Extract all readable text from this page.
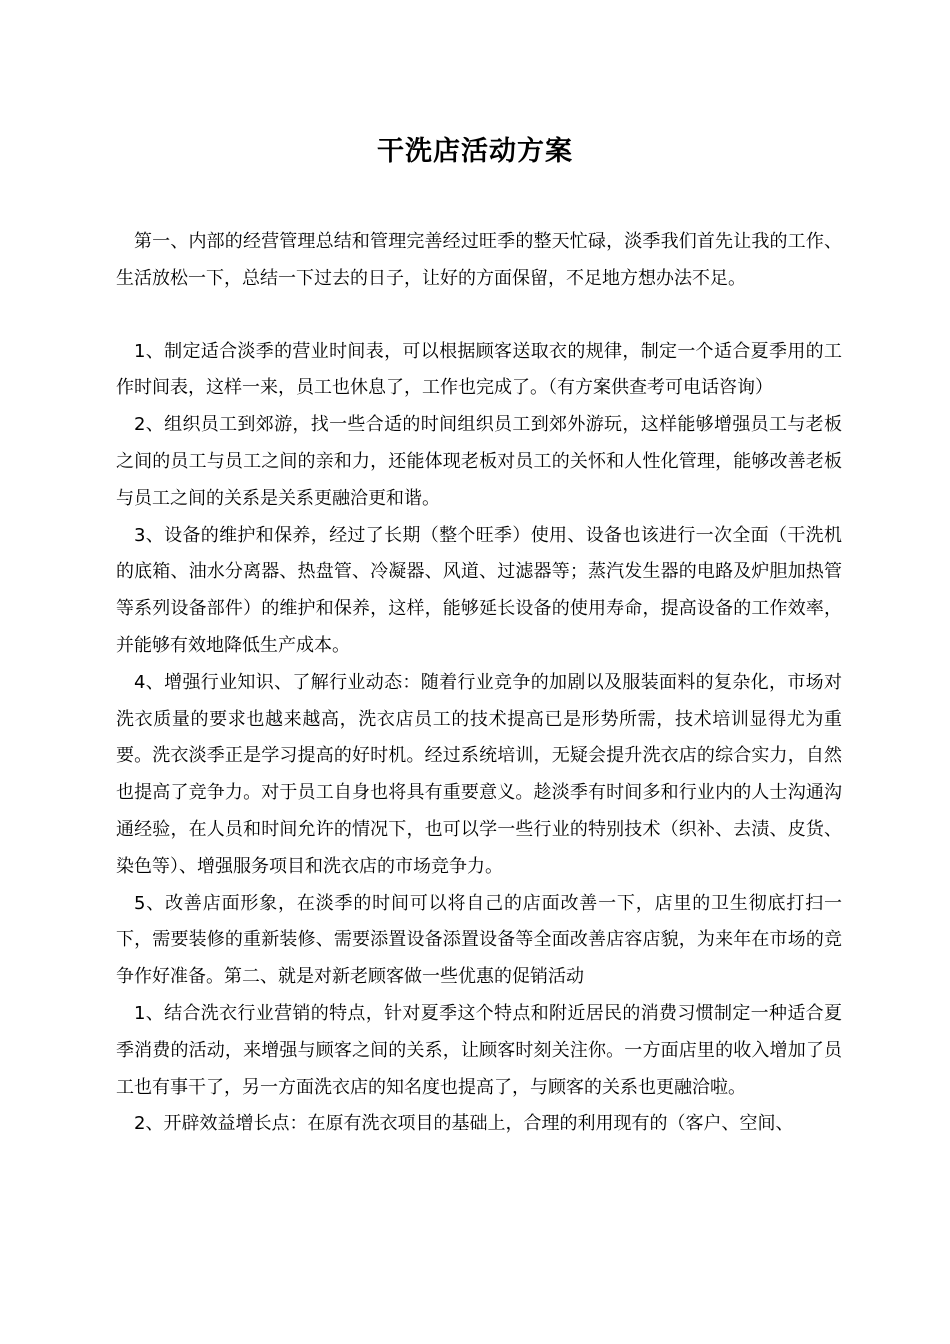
干洗店活动方案

第一、内部的经营管理总结和管理完善经过旺季的整天忙碌，淡季我们首先让我的工作、生活放松一下，总结一下过去的日子，让好的方面保留，不足地方想办法不足。

1、制定适合淡季的营业时间表，可以根据顾客送取衣的规律，制定一个适合夏季用的工作时间表，这样一来，员工也休息了，工作也完成了。（有方案供查考可电话咨询）

2、组织员工到郊游，找一些合适的时间组织员工到郊外游玩，这样能够增强员工与老板之间的员工与员工之间的亲和力，还能体现老板对员工的关怀和人性化管理，能够改善老板与员工之间的关系是关系更融洽更和谐。

3、设备的维护和保养，经过了长期（整个旺季）使用、设备也该进行一次全面（干洗机的底箱、油水分离器、热盘管、冷凝器、风道、过滤器等；蒸汽发生器的电路及炉胆加热管等系列设备部件）的维护和保养，这样，能够延长设备的使用寿命，提高设备的工作效率，并能够有效地降低生产成本。

4、增强行业知识、了解行业动态：随着行业竞争的加剧以及服装面料的复杂化，市场对洗衣质量的要求也越来越高，洗衣店员工的技术提高已是形势所需，技术培训显得尤为重要。洗衣淡季正是学习提高的好时机。经过系统培训，无疑会提升洗衣店的综合实力，自然也提高了竞争力。对于员工自身也将具有重要意义。趁淡季有时间多和行业内的人士沟通沟通经验，在人员和时间允许的情况下，也可以学一些行业的特别技术（织补、去渍、皮货、染色等）、增强服务项目和洗衣店的市场竞争力。

5、改善店面形象，在淡季的时间可以将自己的店面改善一下，店里的卫生彻底打扫一下，需要装修的重新装修、需要添置设备添置设备等全面改善店容店貌，为来年在市场的竞争作好准备。第二、就是对新老顾客做一些优惠的促销活动

1、结合洗衣行业营销的特点，针对夏季这个特点和附近居民的消费习惯制定一种适合夏季消费的活动，来增强与顾客之间的关系，让顾客时刻关注你。一方面店里的收入增加了员工也有事干了，另一方面洗衣店的知名度也提高了，与顾客的关系也更融洽啦。

2、开辟效益增长点：在原有洗衣项目的基础上，合理的利用现有的（客户、空间、
